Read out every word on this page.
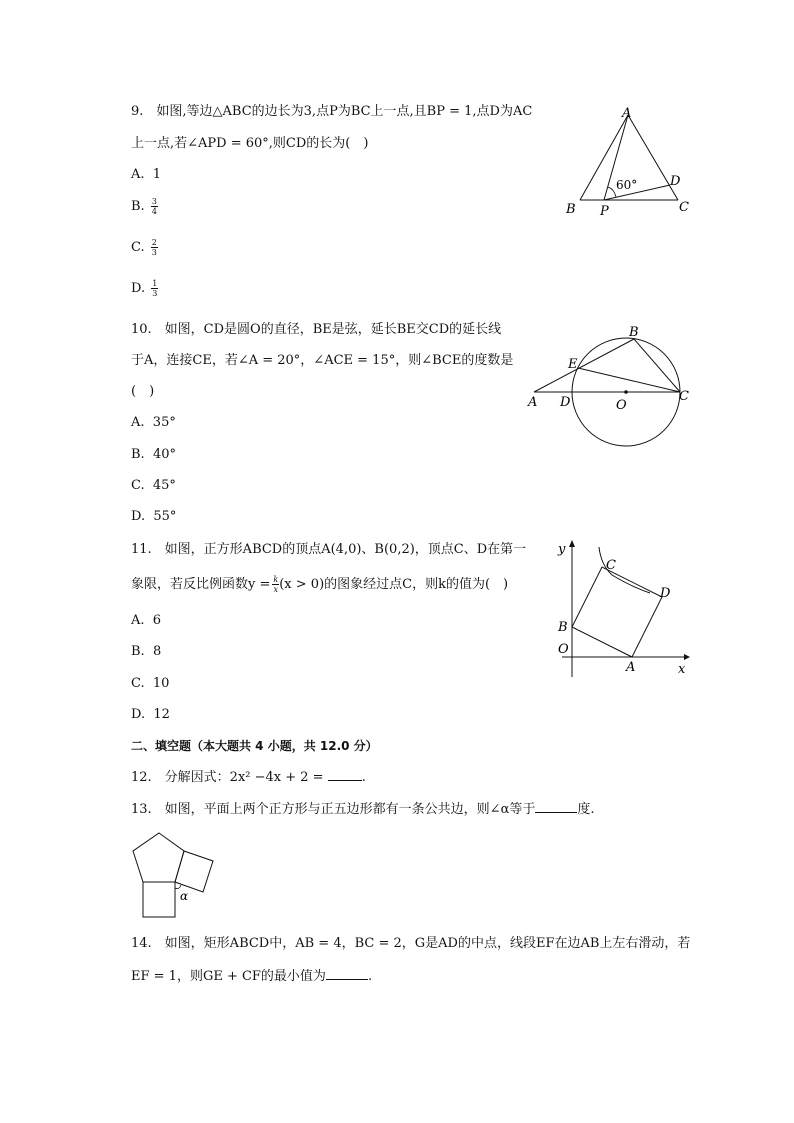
9.　如图,等边△ABC的边长为3,点P为BC上一点,且BP = 1,点D为AC
上一点,若∠APD = 60°,则CD的长为(　)
A. 1
B. $\frac{3}{4}$
C. $\frac{2}{3}$
D. $\frac{1}{3}$
A
B	C
P
D
60°
10.　如图，CD是圆O的直径，BE是弦，延长BE交CD的延长线
于A，连接CE，若∠A = 20°，∠ACE = 15°，则∠BCE的度数是
(　)
A. 35°
B. 40°
C. 45°
D. 55°
A
B
C
D
E
O
11.　如图，正方形ABCD的顶点A(4,0)、B(0,2)，顶点C、D在第一
象限，若反比例函数$y = \frac{k}{x} (x > 0)$的图象经过点C，则k的值为(　)
A. 6
B. 8
C. 10
D. 12
y
x
O
B
A
C
D
二、填空题（本大题共 4 小题，共 12.0 分）
12.　分解因式：2x² −4x + 2 =	.
13.　如图，平面上两个正方形与正五边形都有一条公共边，则∠α等于	度.
α
14.　如图，矩形ABCD中，AB = 4，BC = 2，G是AD的中点，线段EF在边AB上左右滑动，若
EF = 1，则GE + CF的最小值为	.
